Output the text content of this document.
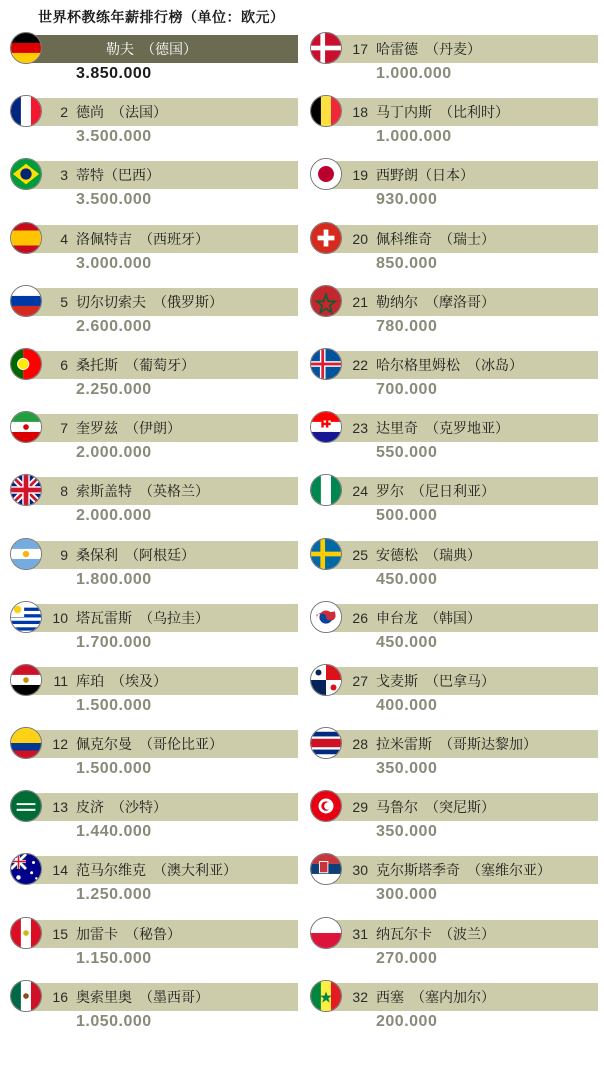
世界杯教练年薪排行榜（单位：欧元）
勒夫　（德国）
3.850.000
2 德尚　（法国）
3.500.000
3 蒂特（巴西）
3.500.000
4 洛佩特吉　（西班牙）
3.000.000
5 切尔切索夫　（俄罗斯）
2.600.000
6 桑托斯　（葡萄牙）
2.250.000
7 奎罗兹　（伊朗）
2.000.000
8 索斯盖特　（英格兰）
2.000.000
9 桑保利　（阿根廷）
1.800.000
10 塔瓦雷斯　（乌拉圭）
1.700.000
11 库珀　（埃及）
1.500.000
12 佩克尔曼　（哥伦比亚）
1.500.000
13 皮济　（沙特）
1.440.000
14 范马尔维克　（澳大利亚）
1.250.000
15 加雷卡　（秘鲁）
1.150.000
16 奥索里奥　（墨西哥）
1.050.000
17 哈雷德　（丹麦）
1.000.000
18 马丁内斯　（比利时）
1.000.000
19 西野朗（日本）
930.000
20 佩科维奇　（瑞士）
850.000
21 勒纳尔　（摩洛哥）
780.000
22 哈尔格里姆松　（冰岛）
700.000
23 达里奇　（克罗地亚）
550.000
24 罗尔　（尼日利亚）
500.000
25 安德松　（瑞典）
450.000
26 申台龙　（韩国）
450.000
27 戈麦斯　（巴拿马）
400.000
28 拉米雷斯　（哥斯达黎加）
350.000
29 马鲁尔　（突尼斯）
350.000
30 克尔斯塔季奇　（塞维尔亚）
300.000
31 纳瓦尔卡　（波兰）
270.000
32 西塞　（塞内加尔）
200.000
